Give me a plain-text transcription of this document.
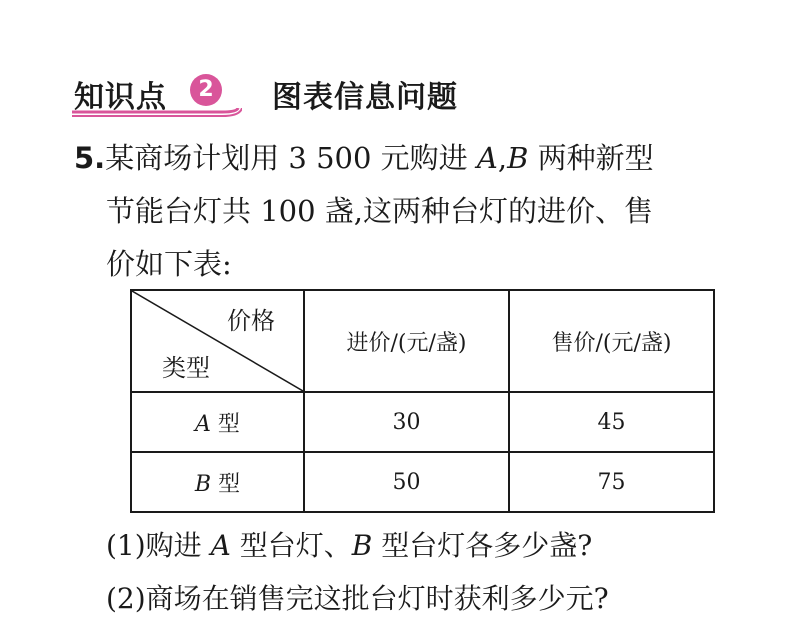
知识点	2 图表信息问题
5.某商场计划用 3 500 元购进 A,B 两种新型
节能台灯共 100 盏,这两种台灯的进价、售
价如下表:
价格
类型	进价/(元/盏)	售价/(元/盏)
A 型	30	45
B 型	50	75
(1)购进 A 型台灯、B 型台灯各多少盏?
(2)商场在销售完这批台灯时获利多少元?
